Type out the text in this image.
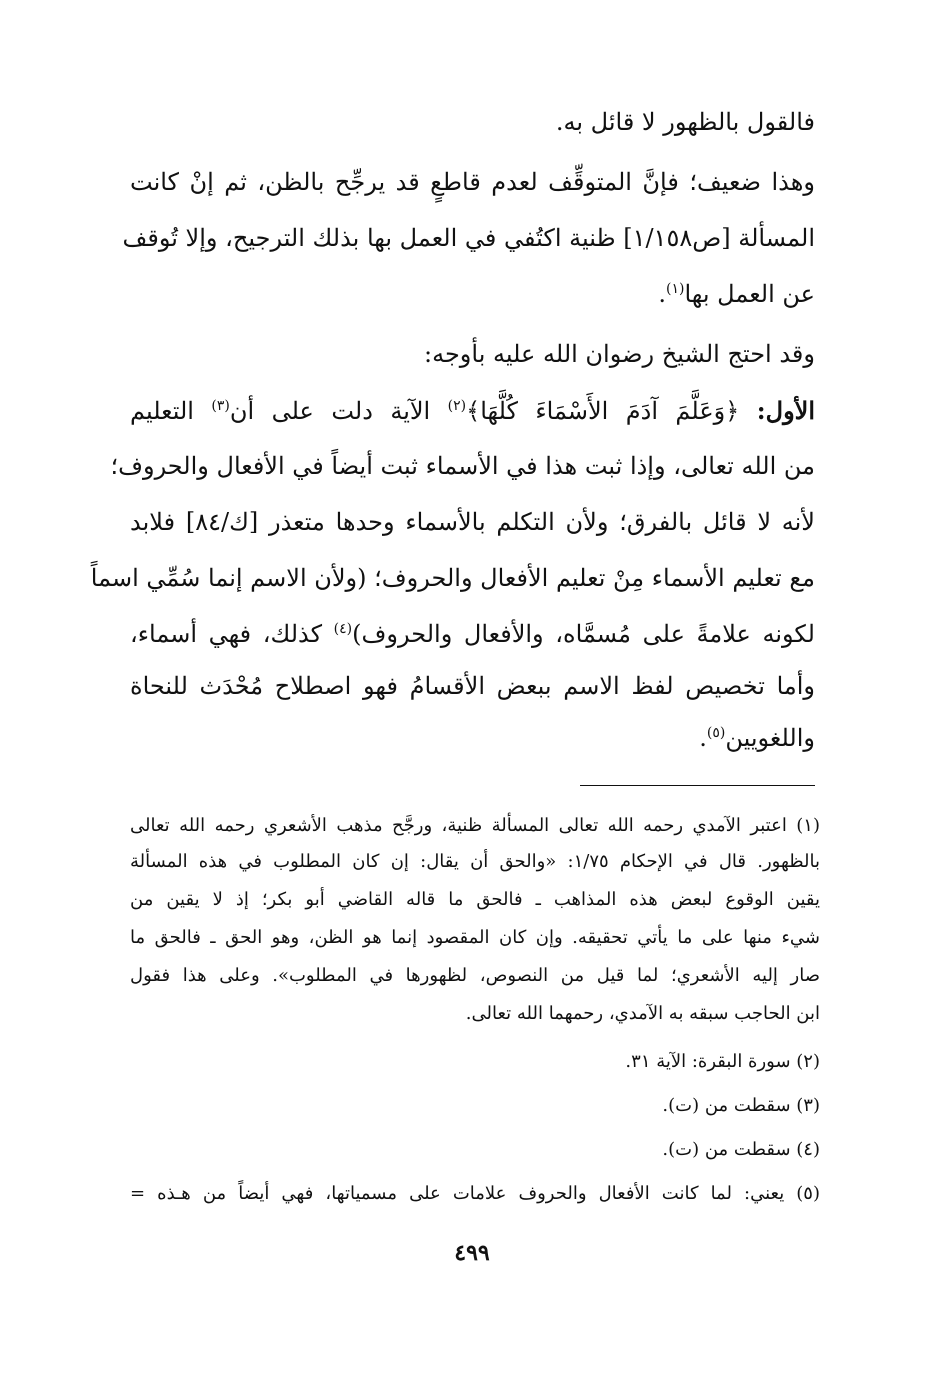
فالقول بالظهور لا قائل به.
وهذا ضعيف؛ فإنَّ المتوقِّف لعدم قاطعٍ قد يرجِّح بالظن، ثم إنْ كانت
المسألة [ص١/١٥٨] ظنية اكتُفي في العمل بها بذلك الترجيح، وإلا تُوقف
عن العمل بها$^{(١)}$.
وقد احتج الشيخ رضوان الله عليه بأوجه:
الأول: ﴿وَعَلَّمَ آدَمَ الأَسْمَاءَ كُلَّهَا﴾$^{(٢)}$ الآية دلت على أن$^{(٣)}$ التعليم
من الله تعالى، وإذا ثبت هذا في الأسماء ثبت أيضاً في الأفعال والحروف؛
لأنه لا قائل بالفرق؛ ولأن التكلم بالأسماء وحدها متعذر [ك/٨٤] فلابد
مع تعليم الأسماء مِنْ تعليم الأفعال والحروف؛ (ولأن الاسم إنما سُمِّي اسماً
لكونه علامةً على مُسمَّاه، والأفعال والحروف)$^{(٤)}$ كذلك، فهي أسماء،
وأما تخصيص لفظ الاسم ببعض الأقسامُ فهو اصطلاح مُحْدَث للنحاة
واللغويين$^{(٥)}$.
(١) اعتبر الآمدي رحمه الله تعالى المسألة ظنية، ورجَّح مذهب الأشعري رحمه الله تعالى
بالظهور. قال في الإحكام ١/٧٥: «والحق أن يقال: إن كان المطلوب في هذه المسألة
يقين الوقوع لبعض هذه المذاهب ـ فالحق ما قاله القاضي أبو بكر؛ إذ لا يقين من
شيء منها على ما يأتي تحقيقه. وإن كان المقصود إنما هو الظن، وهو الحق ـ فالحق ما
صار إليه الأشعري؛ لما قيل من النصوص، لظهورها في المطلوب». وعلى هذا فقول
ابن الحاجب سبقه به الآمدي، رحمهما الله تعالى.
(٢) سورة البقرة: الآية ٣١.
(٣) سقطت من (ت).
(٤) سقطت من (ت).
(٥) يعني: لما كانت الأفعال والحروف علامات على مسمياتها، فهي أيضاً من هـذه =
٤٩٩
